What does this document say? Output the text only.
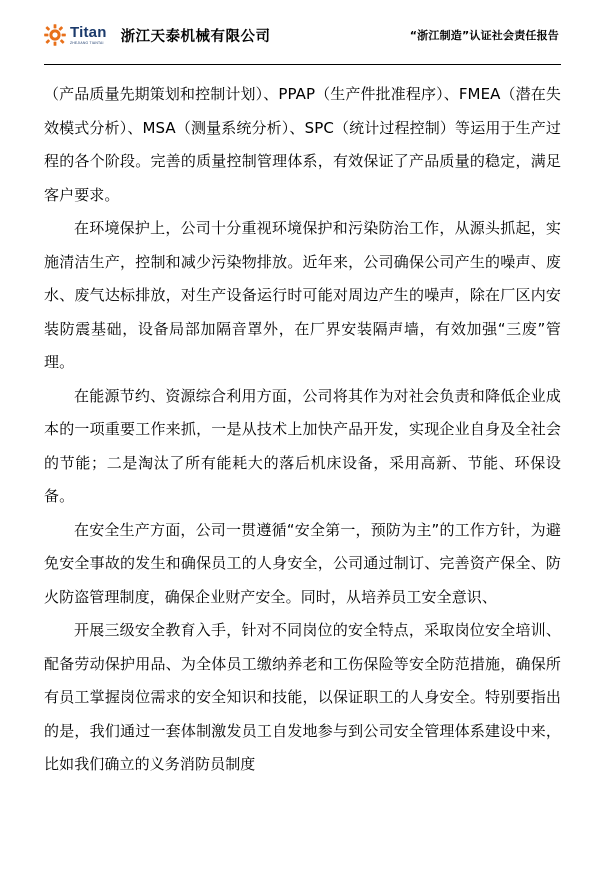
Titan
ZHEJIANG TIANTAI 浙江天泰机械有限公司	“浙江制造”认证社会责任报告

（产品质量先期策划和控制计划）、PPAP（生产件批准程序）、FMEA（潜在失效模式分析）、MSA（测量系统分析）、SPC（统计过程控制）等运用于生产过程的各个阶段。完善的质量控制管理体系，有效保证了产品质量的稳定，满足客户要求。

在环境保护上，公司十分重视环境保护和污染防治工作，从源头抓起，实施清洁生产，控制和减少污染物排放。近年来，公司确保公司产生的噪声、废水、废气达标排放，对生产设备运行时可能对周边产生的噪声，除在厂区内安装防震基础，设备局部加隔音罩外，在厂界安装隔声墙，有效加强“三废”管理。

在能源节约、资源综合利用方面，公司将其作为对社会负责和降低企业成本的一项重要工作来抓，一是从技术上加快产品开发，实现企业自身及全社会的节能；二是淘汰了所有能耗大的落后机床设备，采用高新、节能、环保设备。

在安全生产方面，公司一贯遵循“安全第一，预防为主”的工作方针，为避免安全事故的发生和确保员工的人身安全，公司通过制订、完善资产保全、防火防盗管理制度，确保企业财产安全。同时，从培养员工安全意识、

开展三级安全教育入手，针对不同岗位的安全特点，采取岗位安全培训、配备劳动保护用品、为全体员工缴纳养老和工伤保险等安全防范措施，确保所有员工掌握岗位需求的安全知识和技能，以保证职工的人身安全。特别要指出的是，我们通过一套体制激发员工自发地参与到公司安全管理体系建设中来，比如我们确立的义务消防员制度
